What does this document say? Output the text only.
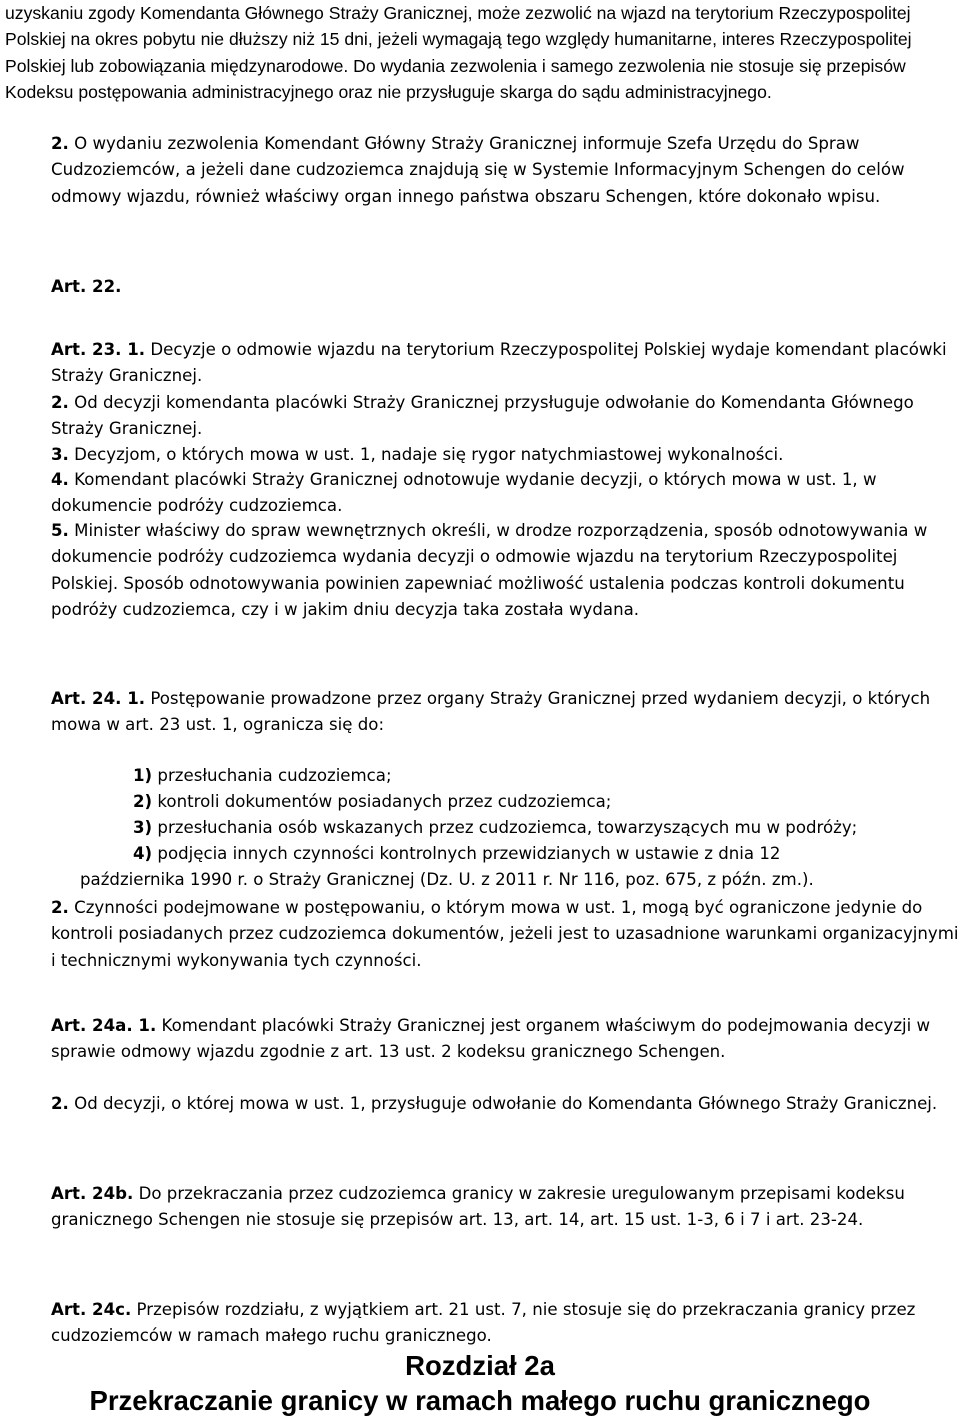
uzyskaniu zgody Komendanta Głównego Straży Granicznej, może zezwolić na wjazd na terytorium Rzeczypospolitej Polskiej na okres pobytu nie dłuższy niż 15 dni, jeżeli wymagają tego względy humanitarne, interes Rzeczypospolitej Polskiej lub zobowiązania międzynarodowe. Do wydania zezwolenia i samego zezwolenia nie stosuje się przepisów Kodeksu postępowania administracyjnego oraz nie przysługuje skarga do sądu administracyjnego.

2. O wydaniu zezwolenia Komendant Główny Straży Granicznej informuje Szefa Urzędu do Spraw Cudzoziemców, a jeżeli dane cudzoziemca znajdują się w Systemie Informacyjnym Schengen do celów odmowy wjazdu, również właściwy organ innego państwa obszaru Schengen, które dokonało wpisu.

Art. 22.

Art. 23. 1. Decyzje o odmowie wjazdu na terytorium Rzeczypospolitej Polskiej wydaje komendant placówki Straży Granicznej.

2. Od decyzji komendanta placówki Straży Granicznej przysługuje odwołanie do Komendanta Głównego Straży Granicznej.

3. Decyzjom, o których mowa w ust. 1, nadaje się rygor natychmiastowej wykonalności.

4. Komendant placówki Straży Granicznej odnotowuje wydanie decyzji, o których mowa w ust. 1, w dokumencie podróży cudzoziemca.

5. Minister właściwy do spraw wewnętrznych określi, w drodze rozporządzenia, sposób odnotowywania w dokumencie podróży cudzoziemca wydania decyzji o odmowie wjazdu na terytorium Rzeczypospolitej Polskiej. Sposób odnotowywania powinien zapewniać możliwość ustalenia podczas kontroli dokumentu podróży cudzoziemca, czy i w jakim dniu decyzja taka została wydana.

Art. 24. 1. Postępowanie prowadzone przez organy Straży Granicznej przed wydaniem decyzji, o których mowa w art. 23 ust. 1, ogranicza się do:

1) przesłuchania cudzoziemca;

2) kontroli dokumentów posiadanych przez cudzoziemca;

3) przesłuchania osób wskazanych przez cudzoziemca, towarzyszących mu w podróży;

4) podjęcia innych czynności kontrolnych przewidzianych w ustawie z dnia 12

października 1990 r. o Straży Granicznej (Dz. U. z 2011 r. Nr 116, poz. 675, z późn. zm.).

2. Czynności podejmowane w postępowaniu, o którym mowa w ust. 1, mogą być ograniczone jedynie do kontroli posiadanych przez cudzoziemca dokumentów, jeżeli jest to uzasadnione warunkami organizacyjnymi i technicznymi wykonywania tych czynności.

Art. 24a. 1. Komendant placówki Straży Granicznej jest organem właściwym do podejmowania decyzji w sprawie odmowy wjazdu zgodnie z art. 13 ust. 2 kodeksu granicznego Schengen.

2. Od decyzji, o której mowa w ust. 1, przysługuje odwołanie do Komendanta Głównego Straży Granicznej.

Art. 24b. Do przekraczania przez cudzoziemca granicy w zakresie uregulowanym przepisami kodeksu granicznego Schengen nie stosuje się przepisów art. 13, art. 14, art. 15 ust. 1-3, 6 i 7 i art. 23-24.

Art. 24c. Przepisów rozdziału, z wyjątkiem art. 21 ust. 7, nie stosuje się do przekraczania granicy przez cudzoziemców w ramach małego ruchu granicznego.

Rozdział 2a

Przekraczanie granicy w ramach małego ruchu granicznego
